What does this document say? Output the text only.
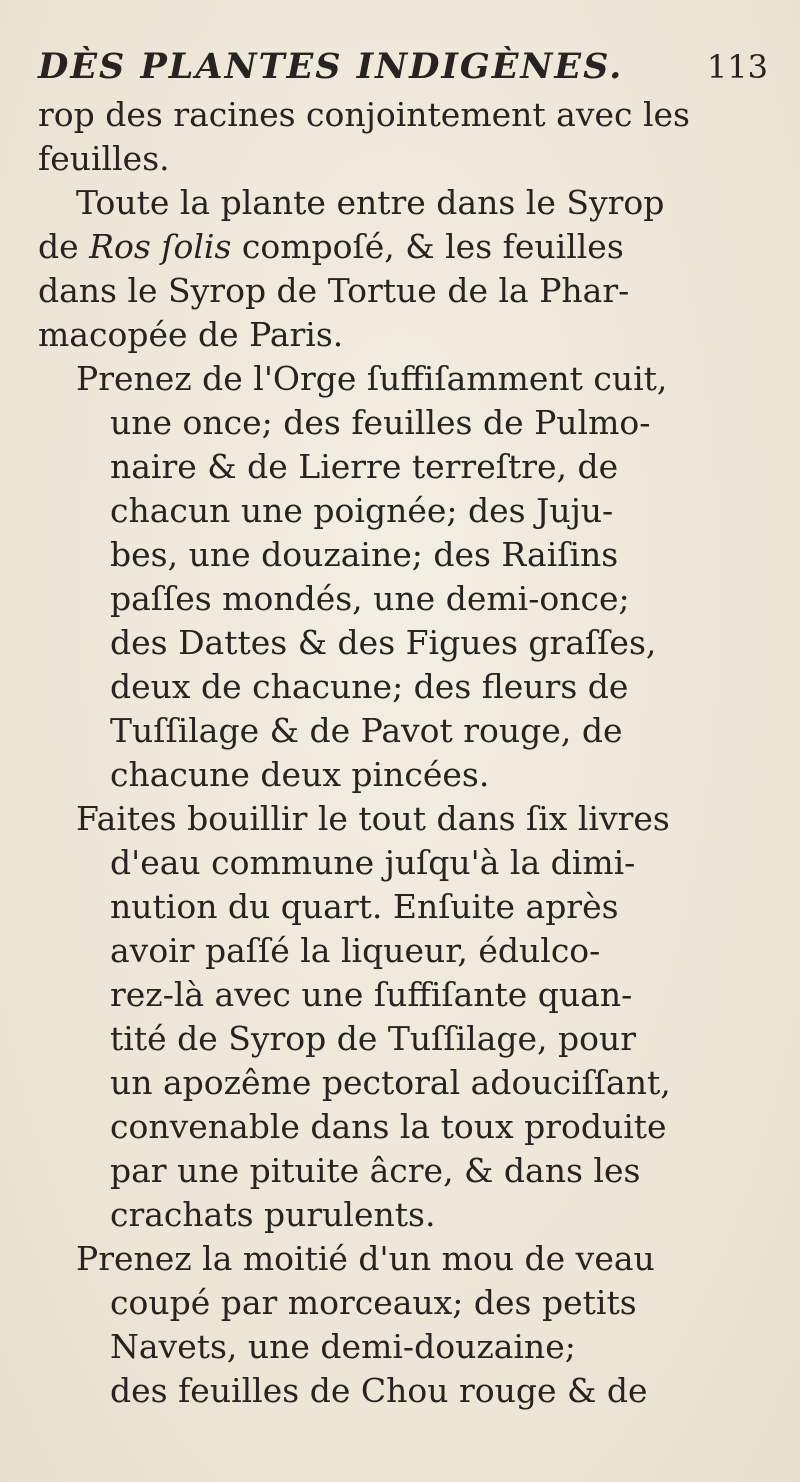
DÈS PLANTES INDIGÈNES.	113
rop des racines conjointement avec les
feuilles.
Toute la plante entre dans le Syrop
de Ros ſolis compoſé, & les feuilles
dans le Syrop de Tortue de la Phar-
macopée de Paris.
Prenez de l'Orge ſuffiſamment cuit,
une once; des feuilles de Pulmo-
naire & de Lierre terreſtre, de
chacun une poignée; des Juju-
bes, une douzaine; des Raiſins
paſſes mondés, une demi-once;
des Dattes & des Figues graſſes,
deux de chacune; des fleurs de
Tuſſilage & de Pavot rouge, de
chacune deux pincées.
Faites bouillir le tout dans ſix livres
d'eau commune juſqu'à la dimi-
nution du quart. Enſuite après
avoir paſſé la liqueur, édulco-
rez-là avec une ſuffiſante quan-
tité de Syrop de Tuſſilage, pour
un apozême pectoral adouciſſant,
convenable dans la toux produite
par une pituite âcre, & dans les
crachats purulents.
Prenez la moitié d'un mou de veau
coupé par morceaux; des petits
Navets, une demi-douzaine;
des feuilles de Chou rouge & de
